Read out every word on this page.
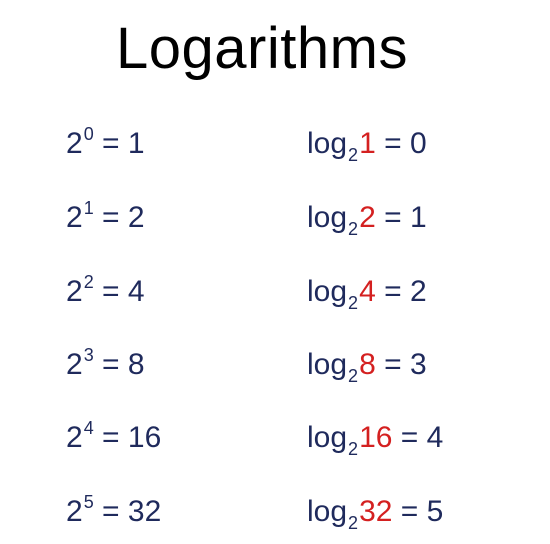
Logarithms
$2^0 = 1$	$\log_21 = 0$
$2^1 = 2$	$\log_22 = 1$
$2^2 = 4$	$\log_24 = 2$
$2^3 = 8$	$\log_28 = 3$
$2^4 = 16$	$\log_216 = 4$
$2^5 = 32$	$\log_232 = 5$
